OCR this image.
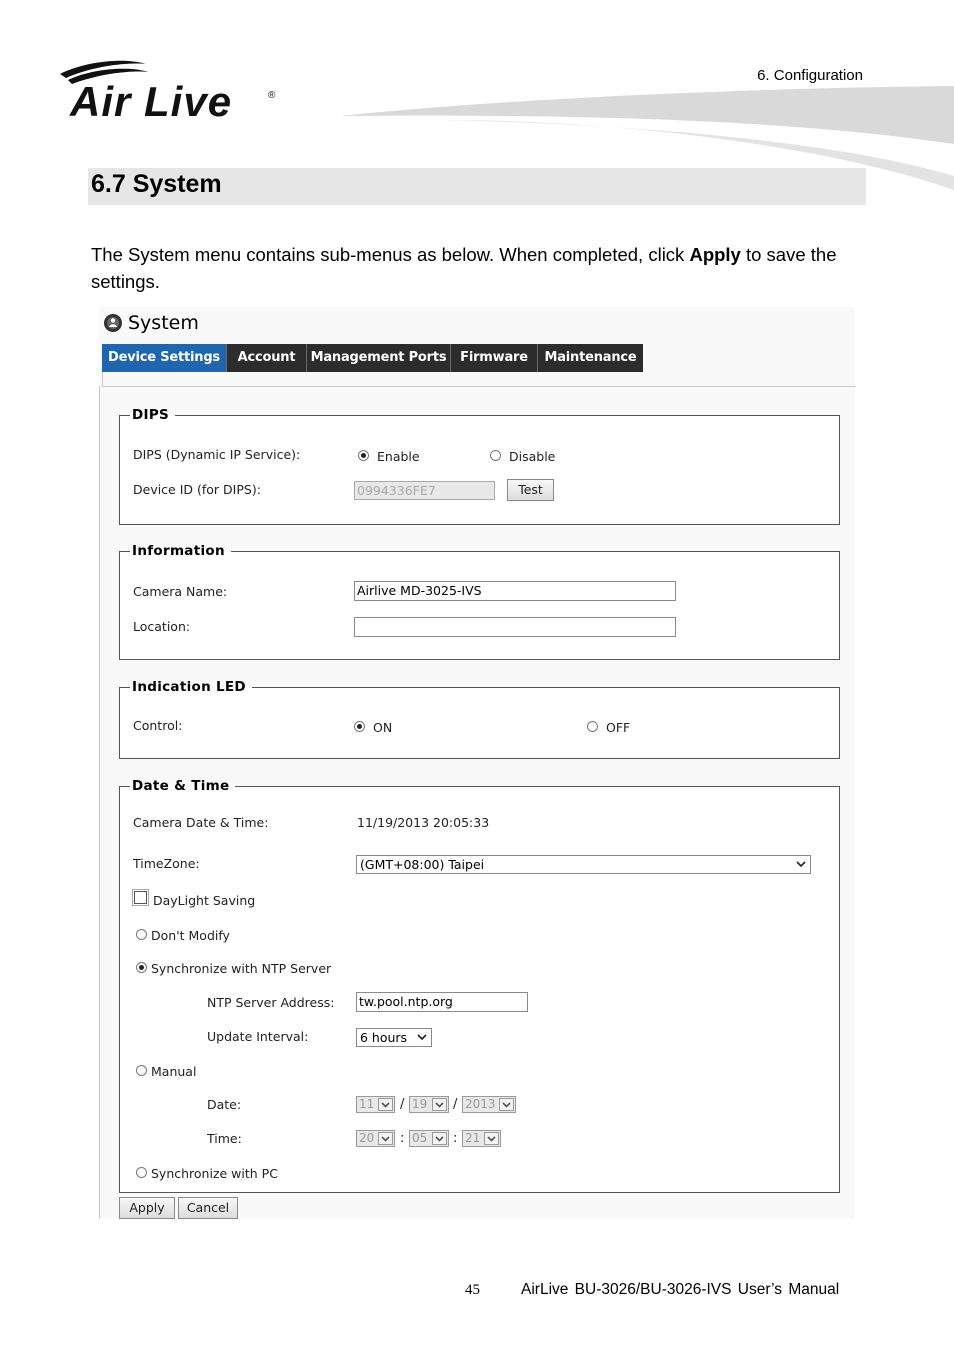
Air Live	®
6. Configuration
6.7 System
The System menu contains sub-menus as below. When completed, click Apply to save the settings.
System
Device Settings	Account	Management Ports	Firmware	Maintenance
DIPS
DIPS (Dynamic IP Service):	Enable	Disable
Device ID (for DIPS):	0994336FE7	Test
Information
Camera Name:	Airlive MD-3025-IVS
Location:
Indication LED
Control:	ON	OFF
Date & Time
Camera Date & Time:	11/19/2013 20:05:33
TimeZone:	(GMT+08:00) Taipei
DayLight Saving
Don't Modify
Synchronize with NTP Server
NTP Server Address: tw.pool.ntp.org
Update Interval:	6 hours
Manual
Date:	11	/ 19	/ 2013
Time:	20	: 05	: 21
Synchronize with PC
Apply	Cancel
45	AirLive BU-3026/BU-3026-IVS User’s Manual
